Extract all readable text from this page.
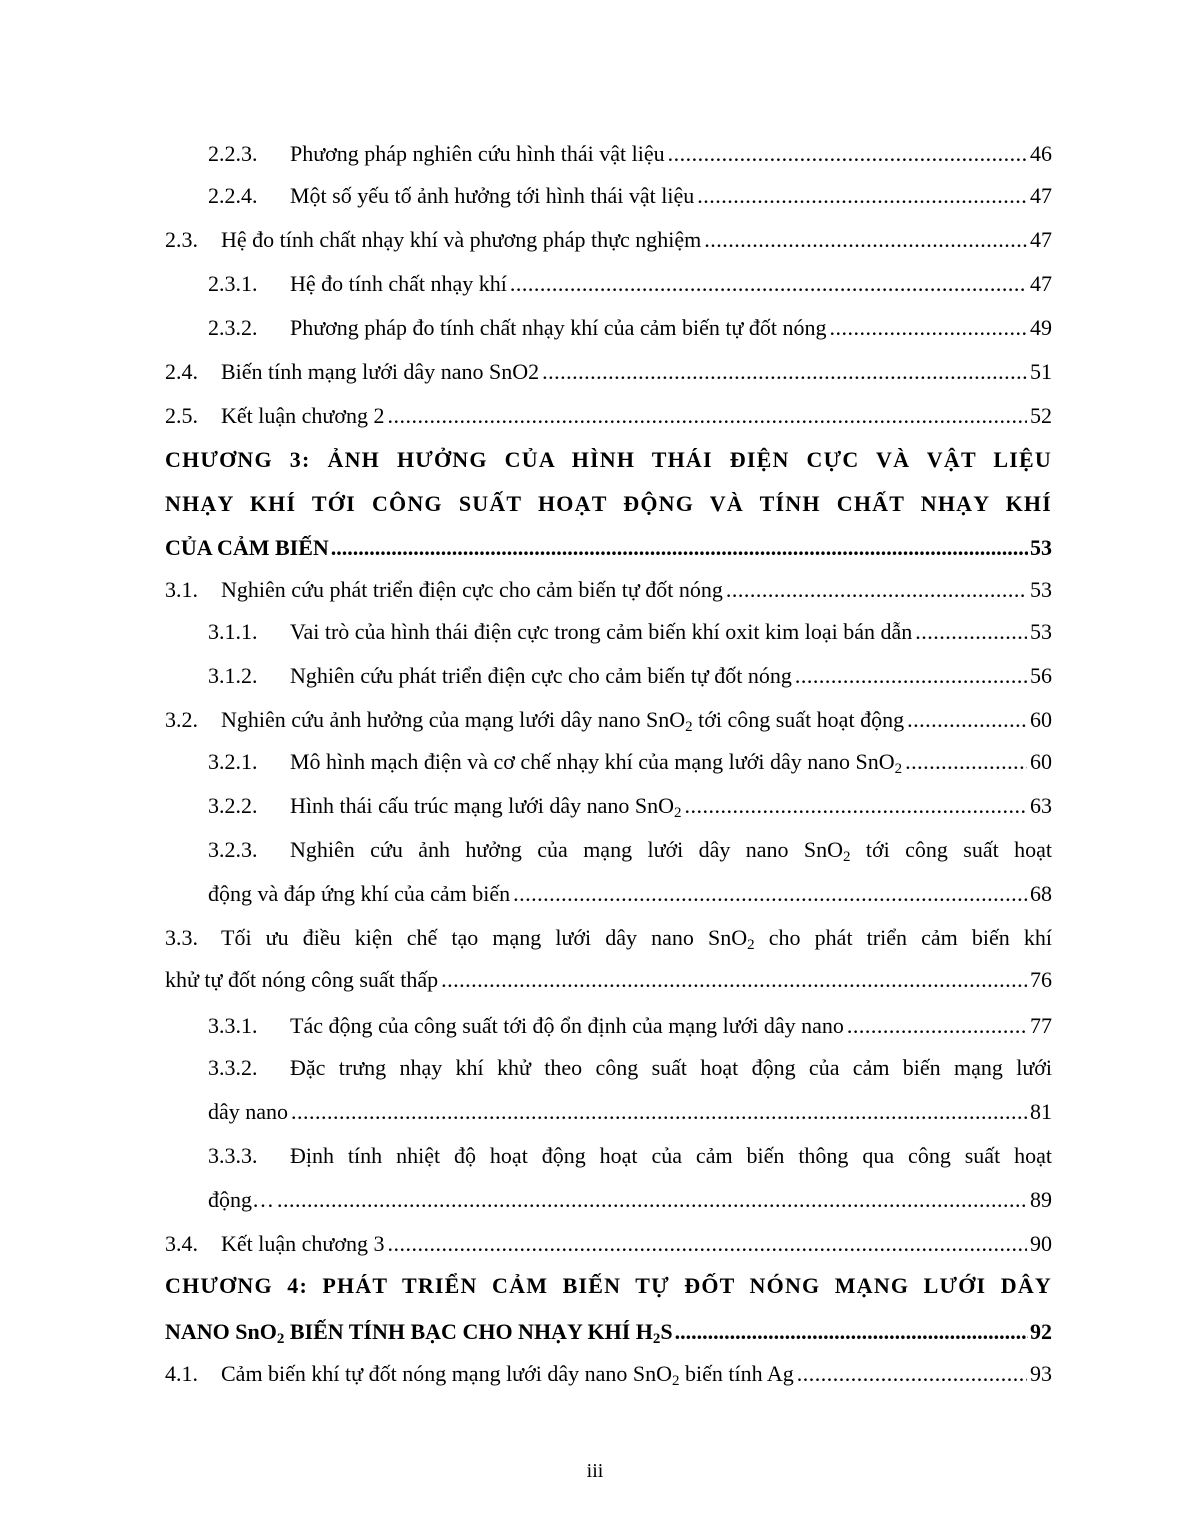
2.2.3.	Phương pháp nghiên cứu hình thái vật liệu .....	46
2.2.4.	Một số yếu tố ảnh hưởng tới hình thái vật liệu .....	47
2.3.	Hệ đo tính chất nhạy khí và phương pháp thực nghiệm .....	47
2.3.1.	Hệ đo tính chất nhạy khí .....	47
2.3.2.	Phương pháp đo tính chất nhạy khí của cảm biến tự đốt nóng .....	49
2.4.	Biến tính mạng lưới dây nano SnO2 .....	51
2.5.	Kết luận chương 2 .....	52
CHƯƠNG 3: ẢNH HƯỞNG CỦA HÌNH THÁI ĐIỆN CỰC VÀ VẬT LIỆU
NHẠY KHÍ TỚI CÔNG SUẤT HOẠT ĐỘNG VÀ TÍNH CHẤT NHẠY KHÍ
CỦA CẢM BIẾN .....	53
3.1.	Nghiên cứu phát triển điện cực cho cảm biến tự đốt nóng .....	53
3.1.1.	Vai trò của hình thái điện cực trong cảm biến khí oxit kim loại bán dẫn .....	53
3.1.2.	Nghiên cứu phát triển điện cực cho cảm biến tự đốt nóng .....	56
3.2.	Nghiên cứu ảnh hưởng của mạng lưới dây nano SnO$_2$ tới công suất hoạt động .....	60
3.2.1.	Mô hình mạch điện và cơ chế nhạy khí của mạng lưới dây nano SnO$_2$ .....	60
3.2.2.	Hình thái cấu trúc mạng lưới dây nano SnO$_2$ .....	63
3.2.3. Nghiên cứu ảnh hưởng của mạng lưới dây nano SnO$_2$ tới công suất hoạt
động và đáp ứng khí của cảm biến .....	68
3.3. Tối ưu điều kiện chế tạo mạng lưới dây nano SnO$_2$ cho phát triển cảm biến khí
khử tự đốt nóng công suất thấp .....	76
3.3.1.	Tác động của công suất tới độ ổn định của mạng lưới dây nano .....	77
3.3.2. Đặc trưng nhạy khí khử theo công suất hoạt động của cảm biến mạng lưới
dây nano .....	81
3.3.3. Định tính nhiệt độ hoạt động hoạt của cảm biến thông qua công suất hoạt
động… .....	89
3.4.	Kết luận chương 3 .....	90
CHƯƠNG 4: PHÁT TRIỂN CẢM BIẾN TỰ ĐỐT NÓNG MẠNG LƯỚI DÂY
NANO SnO$_2$ BIẾN TÍNH BẠC CHO NHẠY KHÍ $H_2S$ .....	92
4.1.	Cảm biến khí tự đốt nóng mạng lưới dây nano SnO$_2$ biến tính Ag .....	93
iii
